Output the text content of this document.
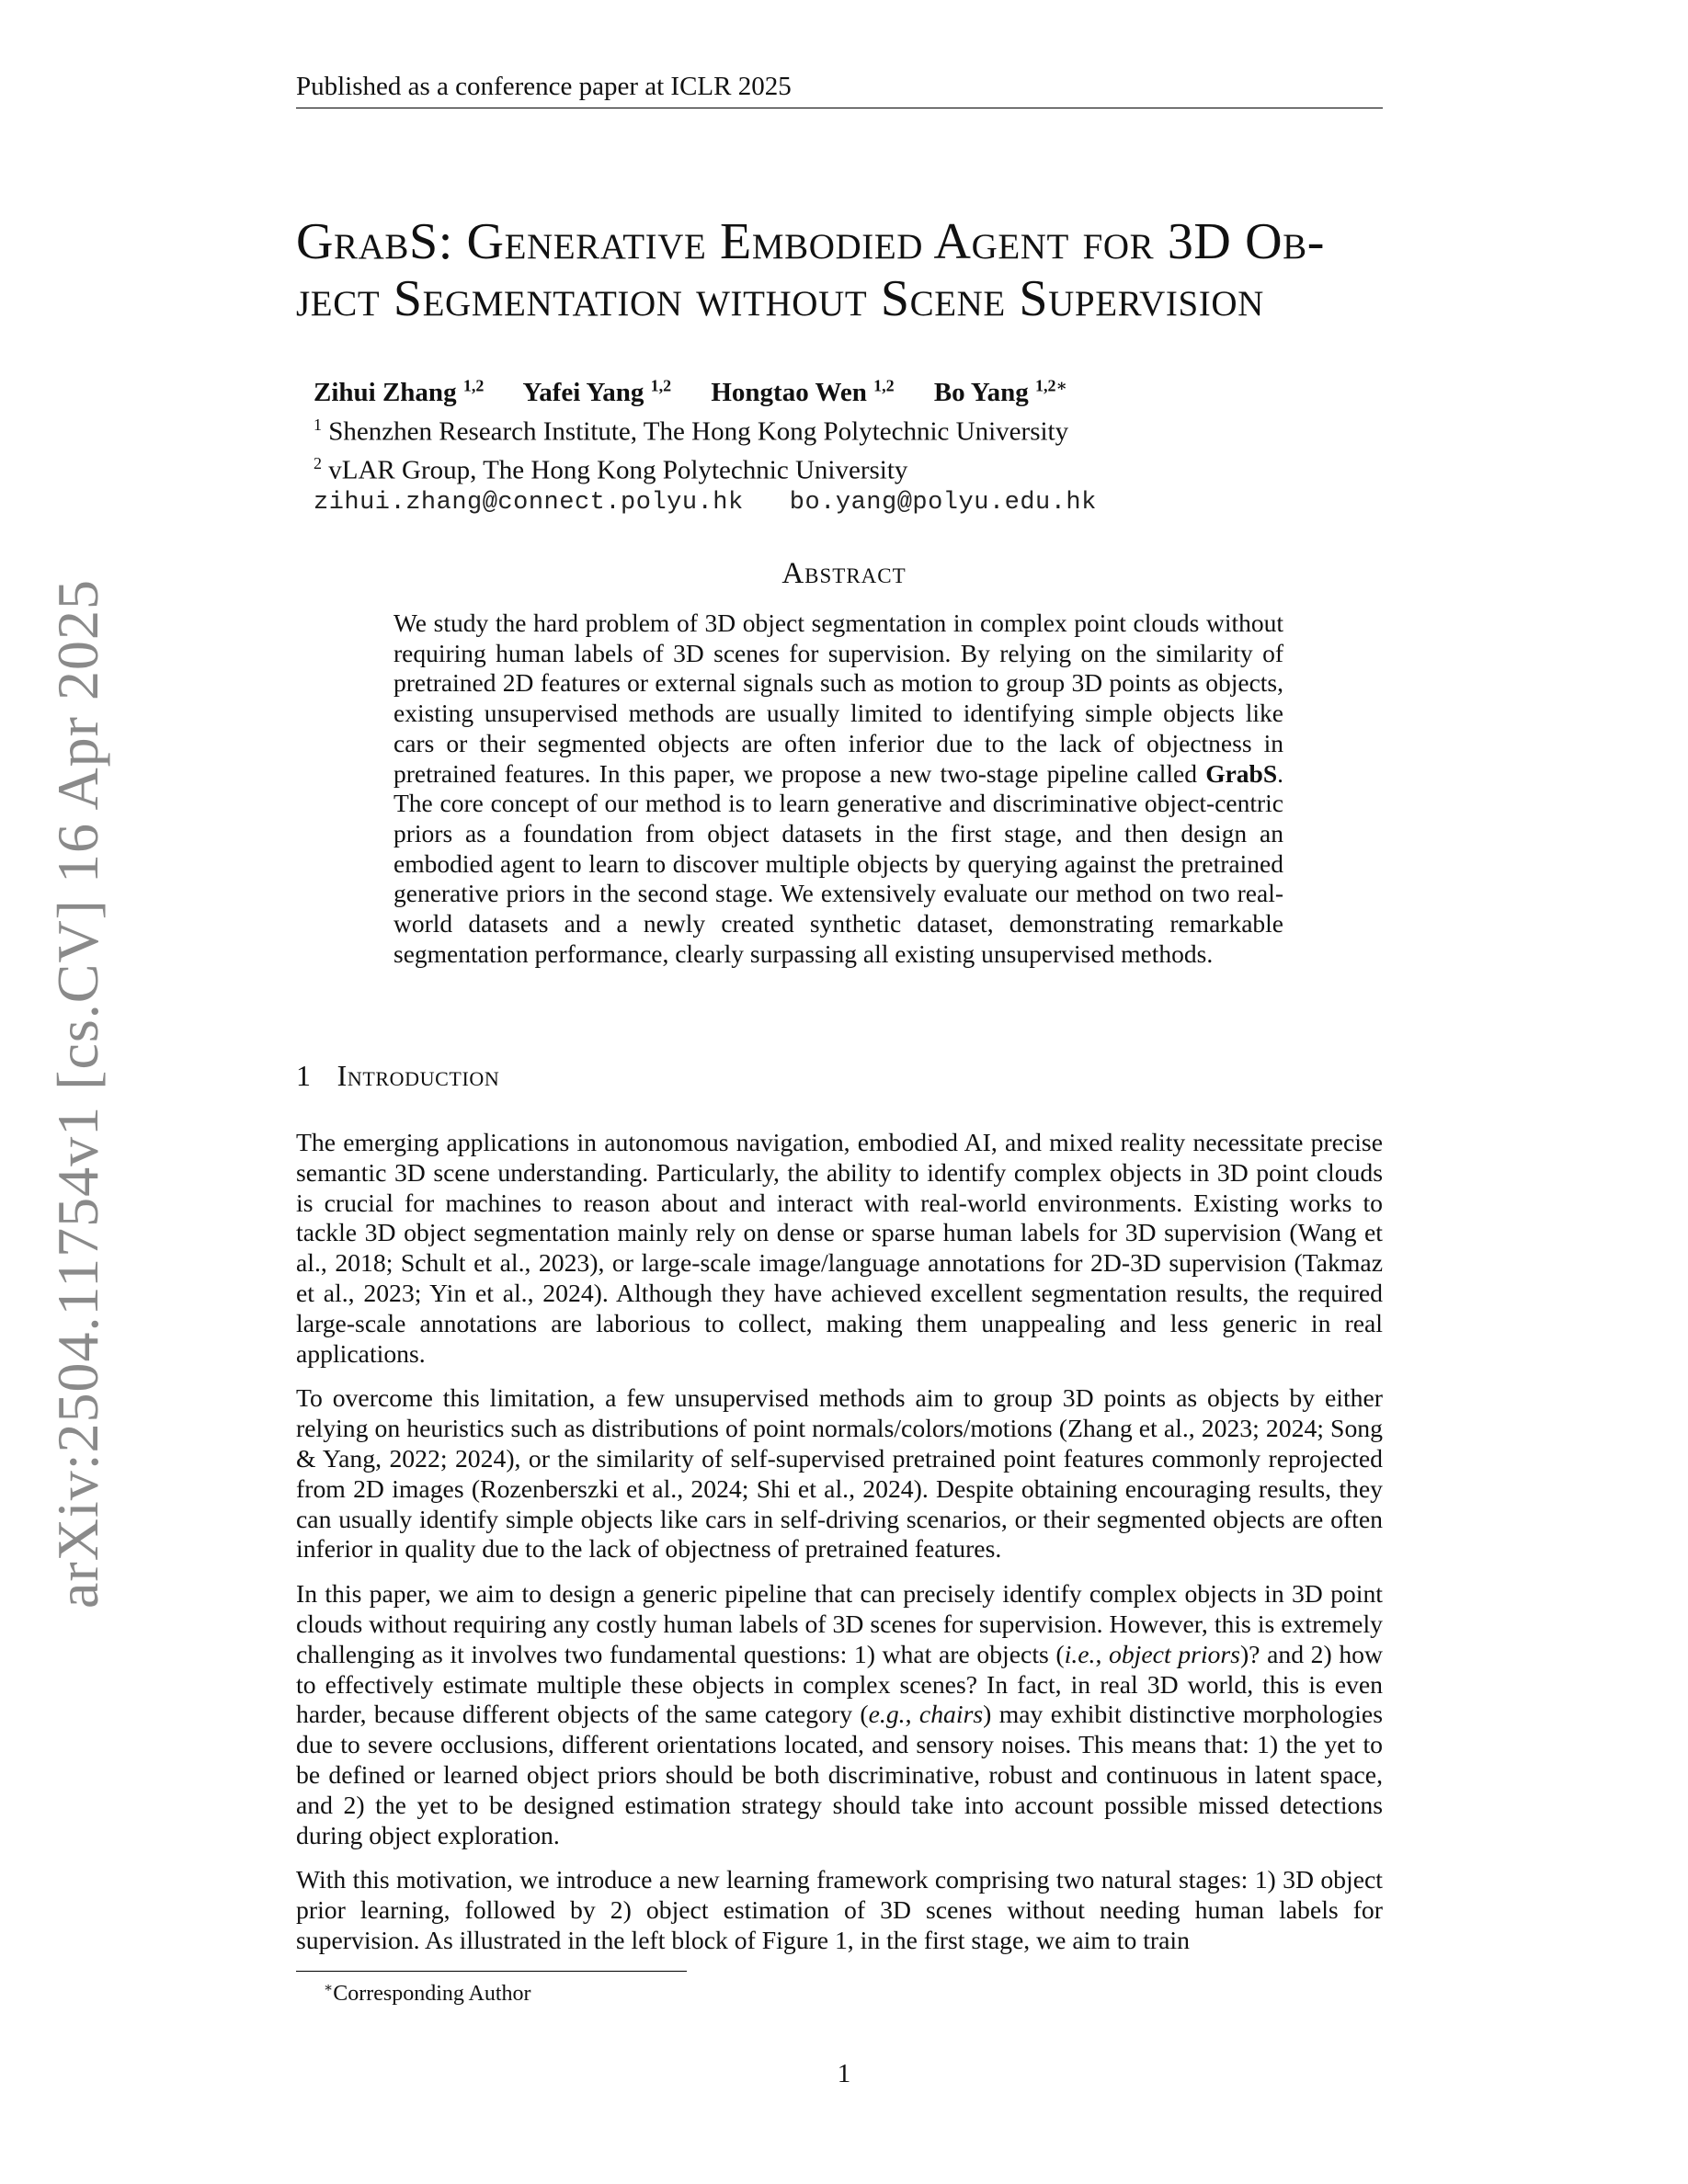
Published as a conference paper at ICLR 2025
arXiv:2504.11754v1 [cs.CV] 16 Apr 2025
GrabS: Generative Embodied Agent for 3D Ob-
ject Segmentation without Scene Supervision
Zihui Zhang $^{1,2}$ Yafei Yang $^{1,2}$ Hongtao Wen $^{1,2}$ Bo Yang $^{1,2∗}$
$^1$ Shenzhen Research Institute, The Hong Kong Polytechnic University
$^2$ vLAR Group, The Hong Kong Polytechnic University
zihui.zhang@connect.polyu.hk   bo.yang@polyu.edu.hk
Abstract

We study the hard problem of 3D object segmentation in complex point clouds without requiring human labels of 3D scenes for supervision. By relying on the similarity of pretrained 2D features or external signals such as motion to group 3D points as objects, existing unsupervised methods are usually limited to identifying simple objects like cars or their segmented objects are often inferior due to the lack of objectness in pretrained features. In this paper, we propose a new two-stage pipeline called GrabS. The core concept of our method is to learn generative and discriminative object-centric priors as a foundation from object datasets in the first stage, and then design an embodied agent to learn to discover multiple objects by querying against the pretrained generative priors in the second stage. We extensively evaluate our method on two real-world datasets and a newly created synthetic dataset, demonstrating remarkable segmentation performance, clearly surpassing all existing unsupervised methods.

1 Introduction

The emerging applications in autonomous navigation, embodied AI, and mixed reality necessitate precise semantic 3D scene understanding. Particularly, the ability to identify complex objects in 3D point clouds is crucial for machines to reason about and interact with real-world environments. Existing works to tackle 3D object segmentation mainly rely on dense or sparse human labels for 3D supervision (Wang et al., 2018; Schult et al., 2023), or large-scale image/language annotations for 2D-3D supervision (Takmaz et al., 2023; Yin et al., 2024). Although they have achieved excellent segmentation results, the required large-scale annotations are laborious to collect, making them unappealing and less generic in real applications.

To overcome this limitation, a few unsupervised methods aim to group 3D points as objects by either relying on heuristics such as distributions of point normals/colors/motions (Zhang et al., 2023; 2024; Song & Yang, 2022; 2024), or the similarity of self-supervised pretrained point features commonly reprojected from 2D images (Rozenberszki et al., 2024; Shi et al., 2024). Despite obtaining encouraging results, they can usually identify simple objects like cars in self-driving scenarios, or their segmented objects are often inferior in quality due to the lack of objectness of pretrained features.

In this paper, we aim to design a generic pipeline that can precisely identify complex objects in 3D point clouds without requiring any costly human labels of 3D scenes for supervision. However, this is extremely challenging as it involves two fundamental questions: 1) what are objects (i.e., object priors)? and 2) how to effectively estimate multiple these objects in complex scenes? In fact, in real 3D world, this is even harder, because different objects of the same category (e.g., chairs) may exhibit distinctive morphologies due to severe occlusions, different orientations located, and sensory noises. This means that: 1) the yet to be defined or learned object priors should be both discriminative, robust and continuous in latent space, and 2) the yet to be designed estimation strategy should take into account possible missed detections during object exploration.

With this motivation, we introduce a new learning framework comprising two natural stages: 1) 3D object prior learning, followed by 2) object estimation of 3D scenes without needing human labels for supervision. As illustrated in the left block of Figure 1, in the first stage, we aim to train

∗Corresponding Author
1
